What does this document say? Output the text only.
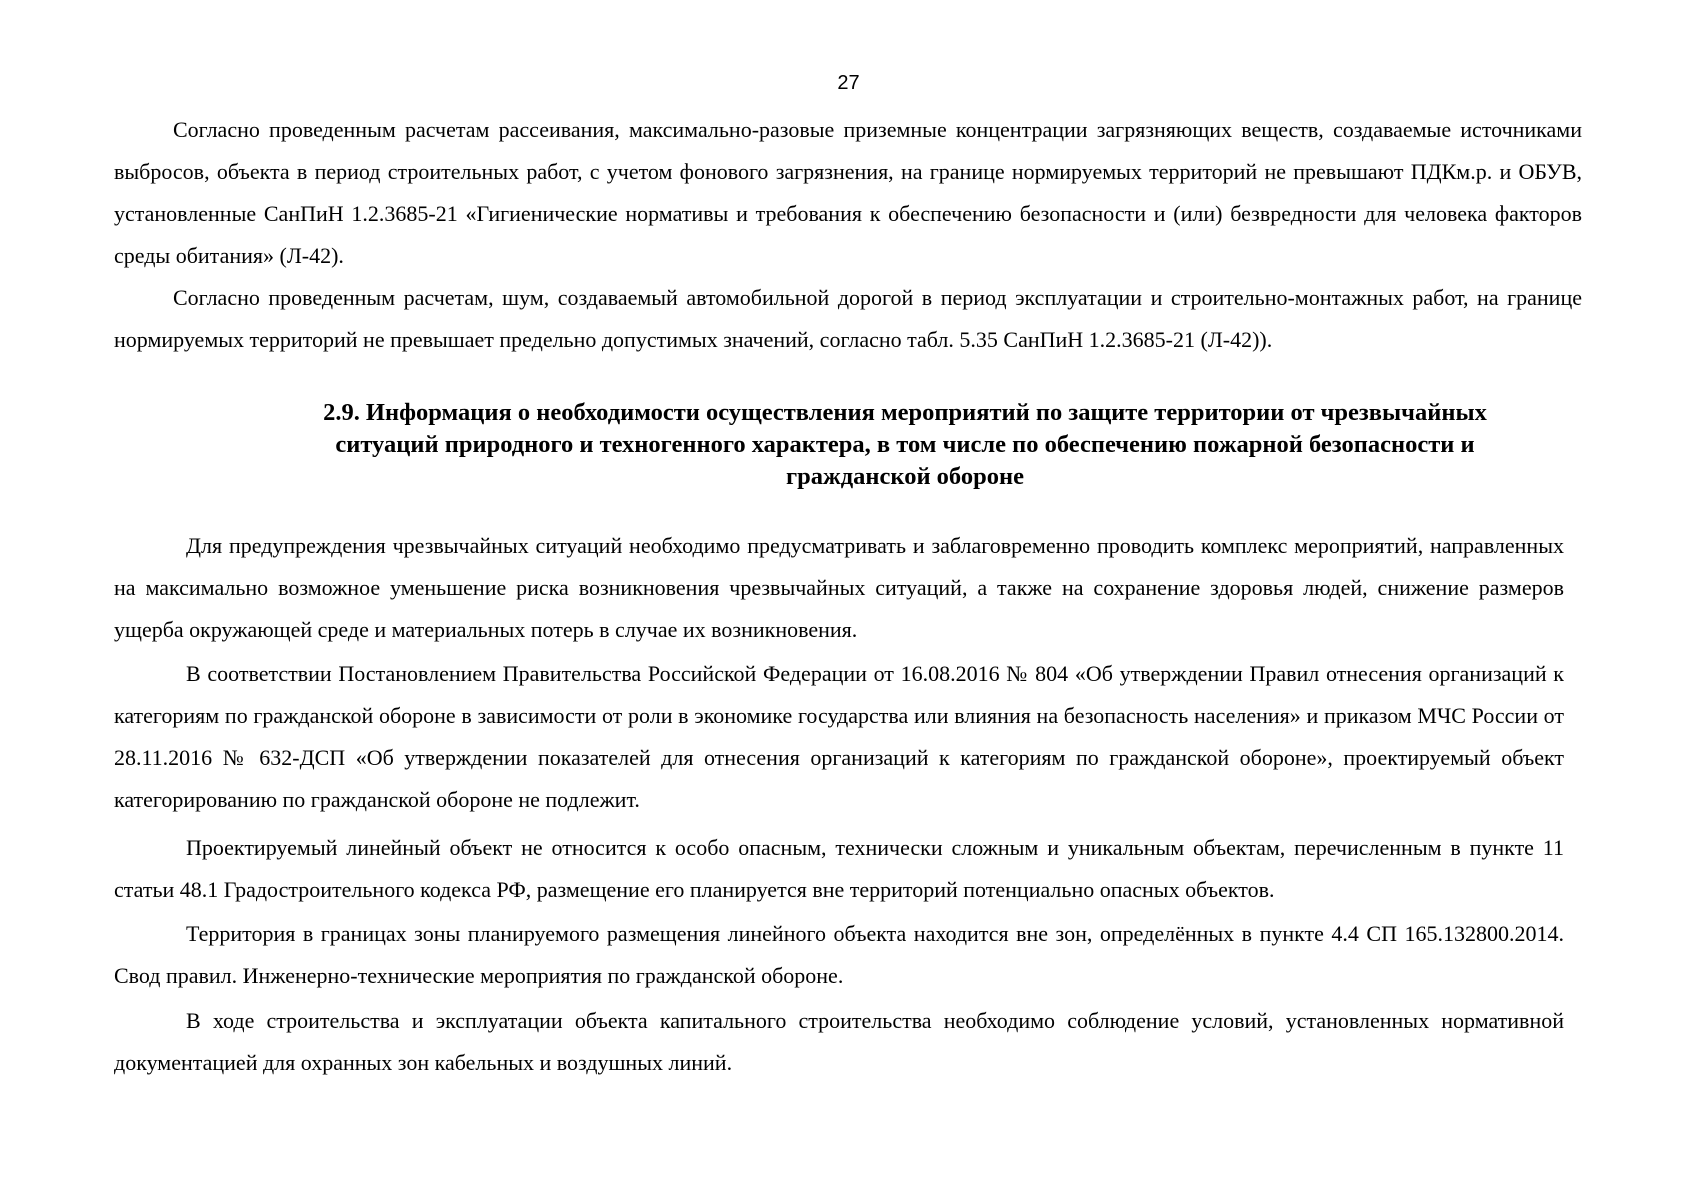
27

Согласно проведенным расчетам рассеивания, максимально-разовые приземные концентрации загрязняющих веществ, создаваемые источниками выбросов, объекта в период строительных работ, с учетом фонового загрязнения, на границе нормируемых территорий не превышают ПДКм.р. и ОБУВ, установленные СанПиН 1.2.3685-21 «Гигиенические нормативы и требования к обеспечению безопасности и (или) безвредности для человека факторов среды обитания» (Л-42).

Согласно проведенным расчетам, шум, создаваемый автомобильной дорогой в период эксплуатации и строительно-монтажных работ, на границе нормируемых территорий не превышает предельно допустимых значений, согласно табл. 5.35 СанПиН 1.2.3685-21 (Л-42)).

2.9. Информация о необходимости осуществления мероприятий по защите территории от чрезвычайных ситуаций природного и техногенного характера, в том числе по обеспечению пожарной безопасности и гражданской обороне

Для предупреждения чрезвычайных ситуаций необходимо предусматривать и заблаговременно проводить комплекс мероприятий, направленных на максимально возможное уменьшение риска возникновения чрезвычайных ситуаций, а также на сохранение здоровья людей, снижение размеров ущерба окружающей среде и материальных потерь в случае их возникновения.

В соответствии Постановлением Правительства Российской Федерации от 16.08.2016 № 804 «Об утверждении Правил отнесения организаций к категориям по гражданской обороне в зависимости от роли в экономике государства или влияния на безопасность населения» и приказом МЧС России от 28.11.2016 № 632-ДСП «Об утверждении показателей для отнесения организаций к категориям по гражданской обороне», проектируемый объект категорированию по гражданской обороне не подлежит.

Проектируемый линейный объект не относится к особо опасным, технически сложным и уникальным объектам, перечисленным в пункте 11 статьи 48.1 Градостроительного кодекса РФ, размещение его планируется вне территорий потенциально опасных объектов.

Территория в границах зоны планируемого размещения линейного объекта находится вне зон, определённых в пункте 4.4 СП 165.132800.2014. Свод правил. Инженерно-технические мероприятия по гражданской обороне.

В ходе строительства и эксплуатации объекта капитального строительства необходимо соблюдение условий, установленных нормативной документацией для охранных зон кабельных и воздушных линий.
